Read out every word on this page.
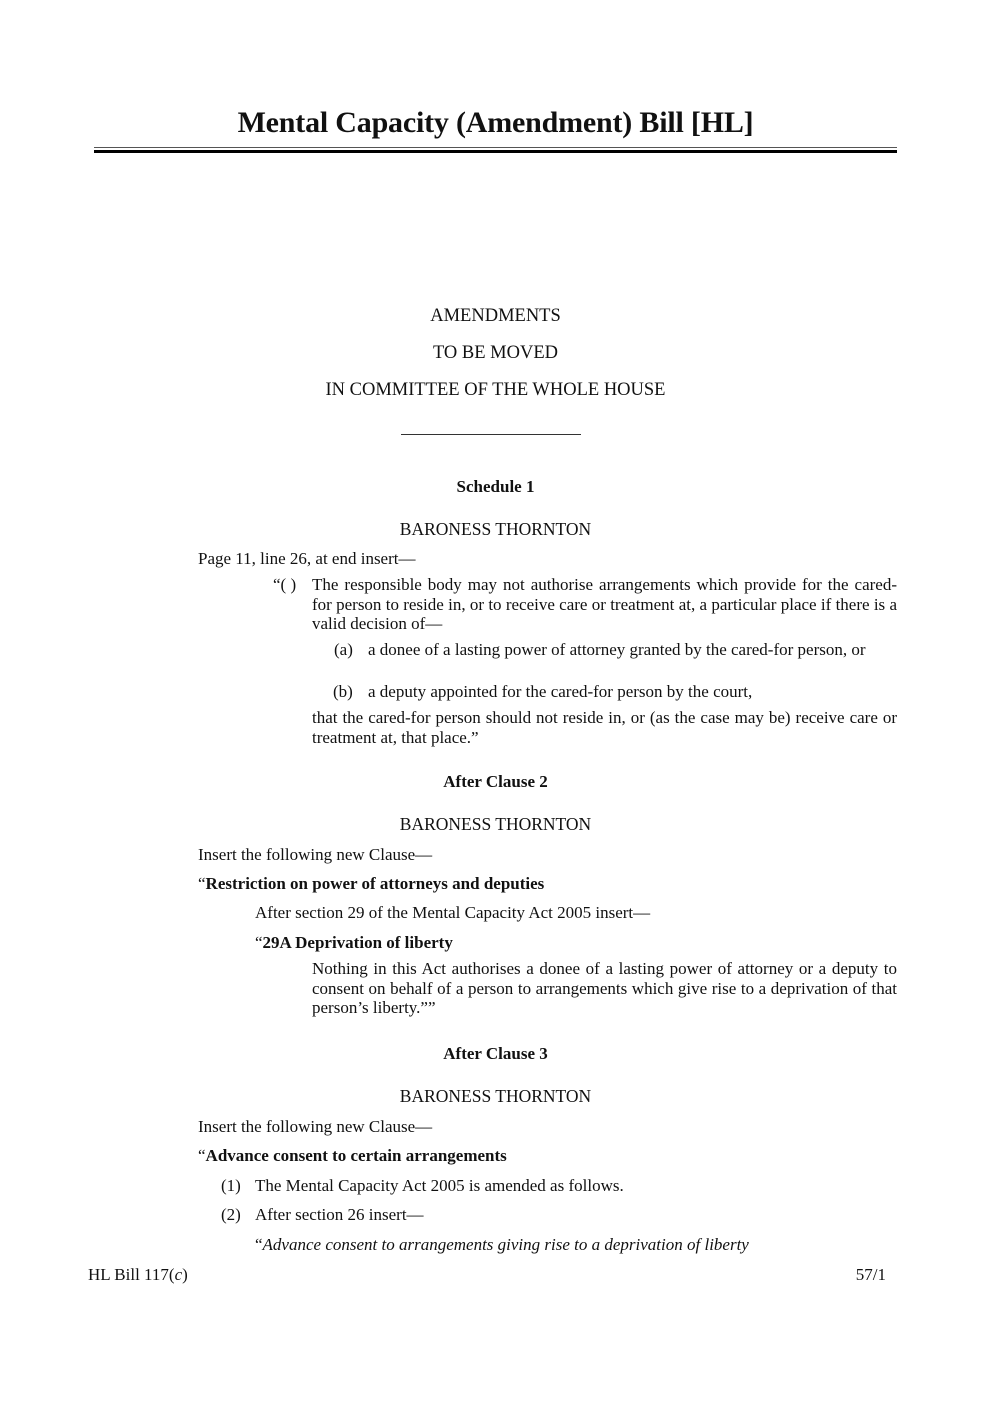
Mental Capacity (Amendment) Bill [HL]
AMENDMENTS
TO BE MOVED
IN COMMITTEE OF THE WHOLE HOUSE
Schedule 1
BARONESS THORNTON
Page 11, line 26, at end insert—
“( ) The responsible body may not authorise arrangements which provide for the cared-for person to reside in, or to receive care or treatment at, a particular place if there is a valid decision of—
(a) a donee of a lasting power of attorney granted by the cared-for person, or
(b) a deputy appointed for the cared-for person by the court,
that the cared-for person should not reside in, or (as the case may be) receive care or treatment at, that place.”
After Clause 2
BARONESS THORNTON
Insert the following new Clause—
“Restriction on power of attorneys and deputies
After section 29 of the Mental Capacity Act 2005 insert—
“29A Deprivation of liberty
Nothing in this Act authorises a donee of a lasting power of attorney or a deputy to consent on behalf of a person to arrangements which give rise to a deprivation of that person’s liberty.””
After Clause 3
BARONESS THORNTON
Insert the following new Clause—
“Advance consent to certain arrangements
(1) The Mental Capacity Act 2005 is amended as follows.
(2) After section 26 insert—
“Advance consent to arrangements giving rise to a deprivation of liberty
HL Bill 117(c)	57/1
